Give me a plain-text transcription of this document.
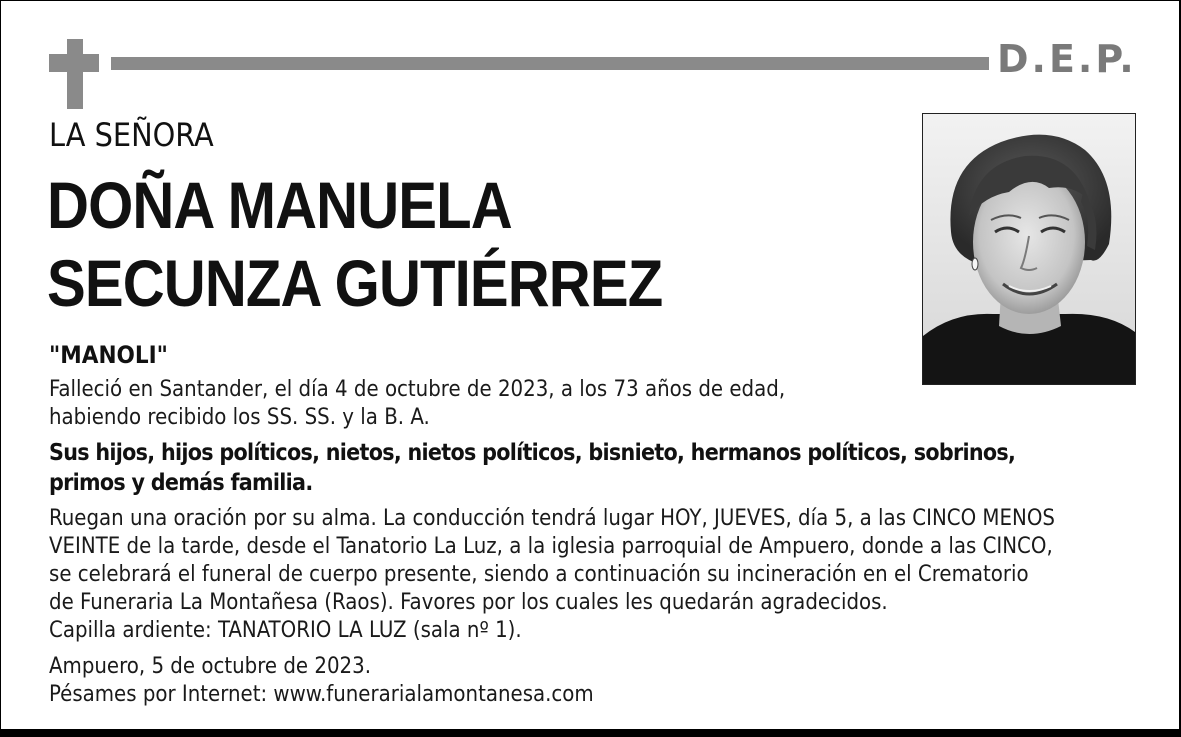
D.E.P.
LA SEÑORA
DOÑA MANUELA
SECUNZA GUTIÉRREZ
"MANOLI"
Falleció en Santander, el día 4 de octubre de 2023, a los 73 años de edad,
habiendo recibido los SS. SS. y la B. A.
Sus hijos, hijos políticos, nietos, nietos políticos, bisnieto, hermanos políticos, sobrinos, primos y demás familia.
Ruegan una oración por su alma. La conducción tendrá lugar HOY, JUEVES, día 5, a las CINCO MENOS
VEINTE de la tarde, desde el Tanatorio La Luz, a la iglesia parroquial de Ampuero, donde a las CINCO,
se celebrará el funeral de cuerpo presente, siendo a continuación su incineración en el Crematorio
de Funeraria La Montañesa (Raos). Favores por los cuales les quedarán agradecidos.
Capilla ardiente: TANATORIO LA LUZ (sala nº 1).
Ampuero, 5 de octubre de 2023.
Pésames por Internet: www.funerarialamontanesa.com
